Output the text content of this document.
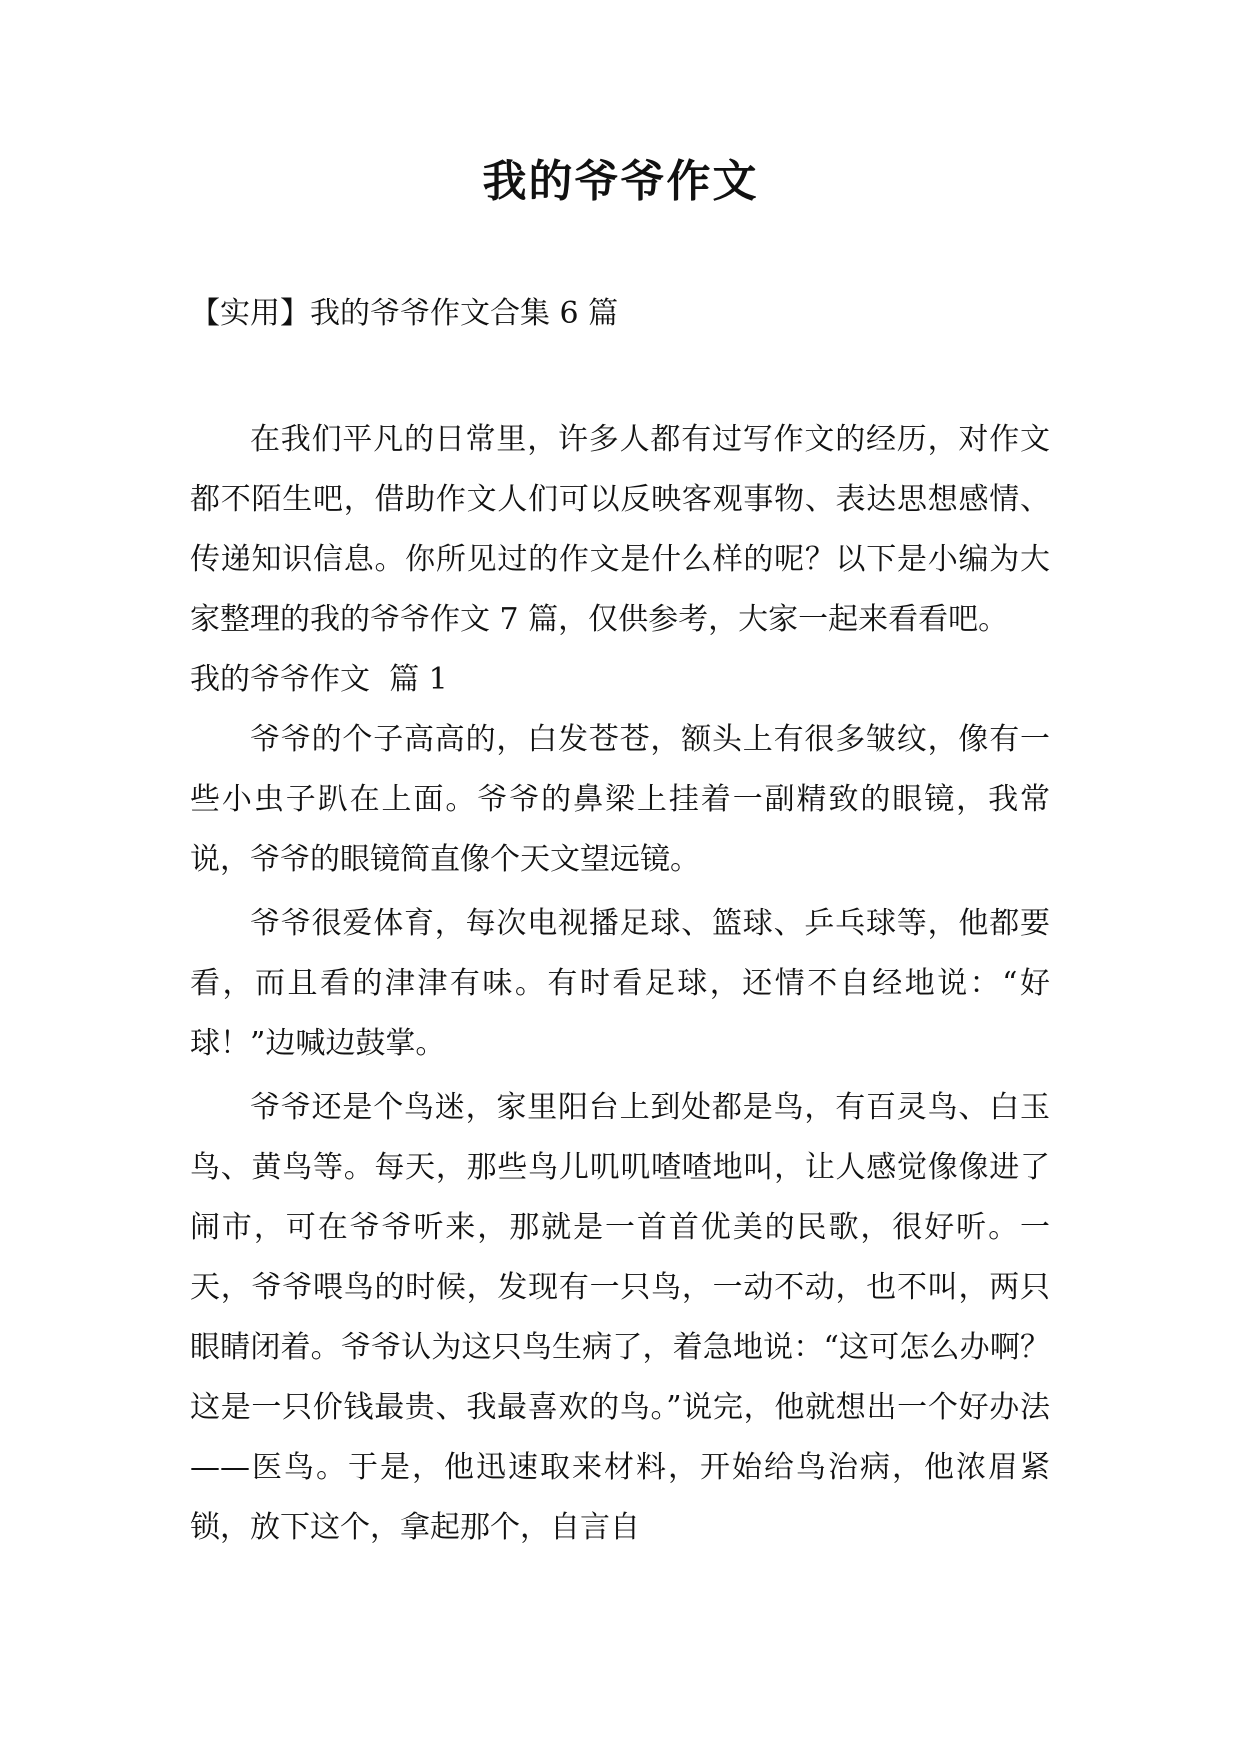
我的爷爷作文
【实用】我的爷爷作文合集 6 篇

在我们平凡的日常里，许多人都有过写作文的经历，对作文都不陌生吧，借助作文人们可以反映客观事物、表达思想感情、传递知识信息。你所见过的作文是什么样的呢？以下是小编为大家整理的我的爷爷作文 7 篇，仅供参考，大家一起来看看吧。

我的爷爷作文  篇 1

爷爷的个子高高的，白发苍苍，额头上有很多皱纹，像有一些小虫子趴在上面。爷爷的鼻梁上挂着一副精致的眼镜，我常说，爷爷的眼镜简直像个天文望远镜。

爷爷很爱体育，每次电视播足球、篮球、乒乓球等，他都要看，而且看的津津有味。有时看足球，还情不自经地说：“好球！”边喊边鼓掌。

爷爷还是个鸟迷，家里阳台上到处都是鸟，有百灵鸟、白玉鸟、黄鸟等。每天，那些鸟儿叽叽喳喳地叫，让人感觉像像进了闹市，可在爷爷听来，那就是一首首优美的民歌，很好听。一天，爷爷喂鸟的时候，发现有一只鸟，一动不动，也不叫，两只眼睛闭着。爷爷认为这只鸟生病了，着急地说：“这可怎么办啊？这是一只价钱最贵、我最喜欢的鸟。”说完，他就想出一个好办法——医鸟。于是，他迅速取来材料，开始给鸟治病，他浓眉紧锁，放下这个，拿起那个，自言自
